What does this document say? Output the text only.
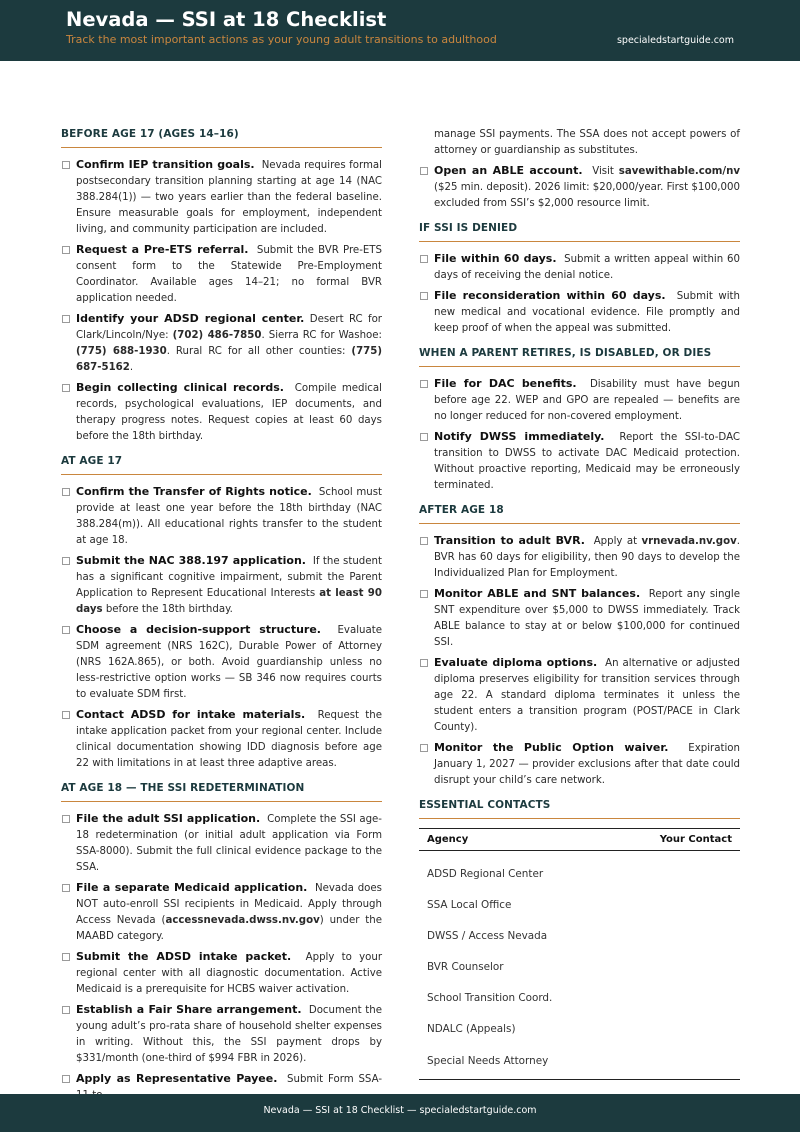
Nevada — SSI at 18 Checklist
Track the most important actions as your young adult transitions to adulthood	specialedstartguide.com
BEFORE AGE 17 (AGES 14–16)
Confirm IEP transition goals. Nevada requires formal postsecondary transition planning starting at age 14 (NAC 388.284(1)) — two years earlier than the federal baseline. Ensure measurable goals for employment, independent living, and community participation are included.
Request a Pre-ETS referral. Submit the BVR Pre-ETS consent form to the Statewide Pre-Employment Coordinator. Available ages 14–21; no formal BVR application needed.
Identify your ADSD regional center. Desert RC for Clark/Lincoln/Nye: (702) 486-7850. Sierra RC for Washoe: (775) 688-1930. Rural RC for all other counties: (775) 687-5162.
Begin collecting clinical records. Compile medical records, psychological evaluations, IEP documents, and therapy progress notes. Request copies at least 60 days before the 18th birthday.
AT AGE 17
Confirm the Transfer of Rights notice. School must provide at least one year before the 18th birthday (NAC 388.284(m)). All educational rights transfer to the student at age 18.
Submit the NAC 388.197 application. If the student has a significant cognitive impairment, submit the Parent Application to Represent Educational Interests at least 90 days before the 18th birthday.
Choose a decision-support structure. Evaluate SDM agreement (NRS 162C), Durable Power of Attorney (NRS 162A.865), or both. Avoid guardianship unless no less-restrictive option works — SB 346 now requires courts to evaluate SDM first.
Contact ADSD for intake materials. Request the intake application packet from your regional center. Include clinical documentation showing IDD diagnosis before age 22 with limitations in at least three adaptive areas.
AT AGE 18 — THE SSI REDETERMINATION
File the adult SSI application. Complete the SSI age-18 redetermination (or initial adult application via Form SSA-8000). Submit the full clinical evidence package to the SSA.
File a separate Medicaid application. Nevada does NOT auto-enroll SSI recipients in Medicaid. Apply through Access Nevada (accessnevada.dwss.nv.gov) under the MAABD category.
Submit the ADSD intake packet. Apply to your regional center with all diagnostic documentation. Active Medicaid is a prerequisite for HCBS waiver activation.
Establish a Fair Share arrangement. Document the young adult’s pro-rata share of household shelter expenses in writing. Without this, the SSI payment drops by $331/month (one-third of $994 FBR in 2026).
Apply as Representative Payee. Submit Form SSA-
manage SSI payments. The SSA does not accept powers of attorney or guardianship as substitutes.
Open an ABLE account. Visit savewithable.com/nv ($25 min. deposit). 2026 limit: $20,000/year. First $100,000 excluded from SSI’s $2,000 resource limit.
IF SSI IS DENIED
File within 60 days. Submit a written appeal within 60 days of receiving the denial notice.
File reconsideration within 60 days. Submit with new medical and vocational evidence. File promptly and keep proof of when the appeal was submitted.
WHEN A PARENT RETIRES, IS DISABLED, OR DIES
File for DAC benefits. Disability must have begun before age 22. WEP and GPO are repealed — benefits are no longer reduced for non-covered employment.
Notify DWSS immediately. Report the SSI-to-DAC transition to DWSS to activate DAC Medicaid protection. Without proactive reporting, Medicaid may be erroneously terminated.
AFTER AGE 18
Transition to adult BVR. Apply at vrnevada.nv.gov. BVR has 60 days for eligibility, then 90 days to develop the Individualized Plan for Employment.
Monitor ABLE and SNT balances. Report any single SNT expenditure over $5,000 to DWSS immediately. Track ABLE balance to stay at or below $100,000 for continued SSI.
Evaluate diploma options. An alternative or adjusted diploma preserves eligibility for transition services through age 22. A standard diploma terminates it unless the student enters a transition program (POST/PACE in Clark County).
Monitor the Public Option waiver. Expiration January 1, 2027 — provider exclusions after that date could disrupt your child’s care network.
ESSENTIAL CONTACTS
Agency	Your Contact
ADSD Regional Center
SSA Local Office
DWSS / Access Nevada
BVR Counselor
School Transition Coord.
NDALC (Appeals)
Special Needs Attorney
Nevada — SSI at 18 Checklist — specialedstartguide.com
